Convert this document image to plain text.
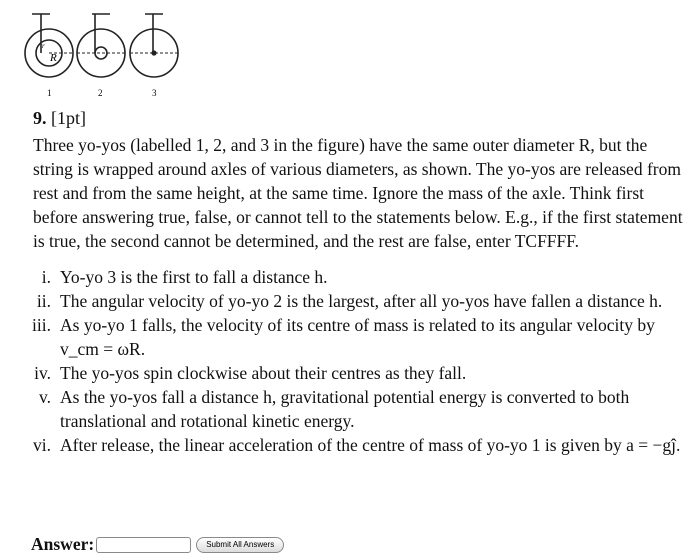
R
r
1	2	3
9. [1pt]

Three yo-yos (labelled 1, 2, and 3 in the figure) have the same outer diameter R, but the string is wrapped around axles of various diameters, as shown. The yo-yos are released from rest and from the same height, at the same time. Ignore the mass of the axle. Think first before answering true, false, or cannot tell to the statements below. E.g., if the first statement is true, the second cannot be determined, and the rest are false, enter TCFFFF.

i. Yo-yo 3 is the first to fall a distance h.
ii. The angular velocity of yo-yo 2 is the largest, after all yo-yos have fallen a distance h.
iii. As yo-yo 1 falls, the velocity of its centre of mass is related to its angular velocity by v_cm = ωR.
iv. The yo-yos spin clockwise about their centres as they fall.
v. As the yo-yos fall a distance h, gravitational potential energy is converted to both translational and rotational kinetic energy.
vi. After release, the linear acceleration of the centre of mass of yo-yo 1 is given by a = −gĵ.
Answer:	Submit All Answers
